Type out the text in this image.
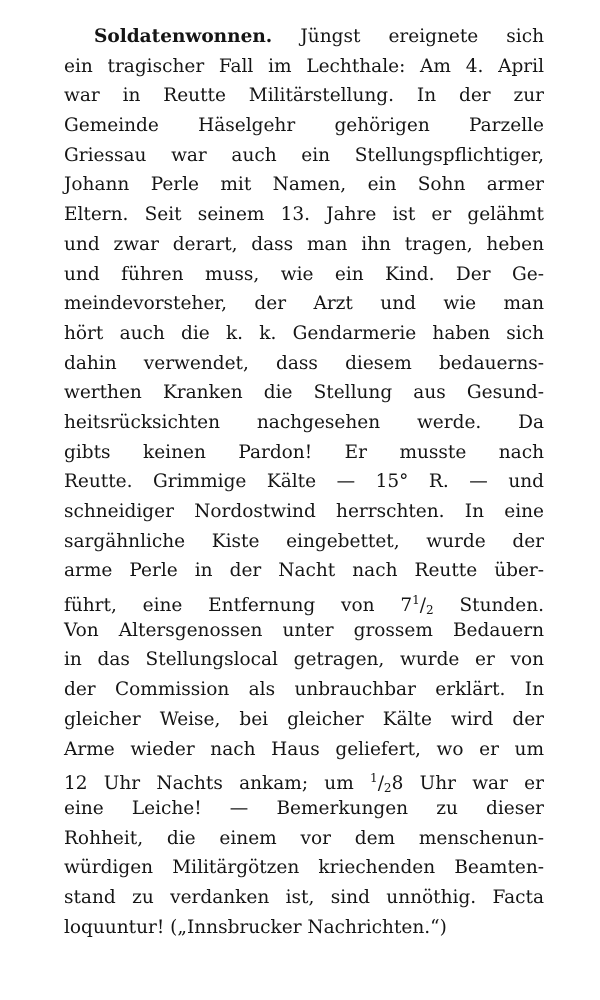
Soldatenwonnen. Jüngst ereignete sich
ein tragischer Fall im Lechthale: Am 4. April
war in Reutte Militärstellung. In der zur
Gemeinde Häselgehr gehörigen Parzelle
Griessau war auch ein Stellungspflichtiger,
Johann Perle mit Namen, ein Sohn armer
Eltern. Seit seinem 13. Jahre ist er gelähmt
und zwar derart, dass man ihn tragen, heben
und führen muss, wie ein Kind. Der Ge-
meindevorsteher, der Arzt und wie man
hört auch die k. k. Gendarmerie haben sich
dahin verwendet, dass diesem bedauerns-
werthen Kranken die Stellung aus Gesund-
heitsrücksichten nachgesehen werde. Da
gibts keinen Pardon! Er musste nach
Reutte. Grimmige Kälte — 15° R. — und
schneidiger Nordostwind herrschten. In eine
sargähnliche Kiste eingebettet, wurde der
arme Perle in der Nacht nach Reutte über-
führt, eine Entfernung von $7^1/_2$ Stunden.
Von Altersgenossen unter grossem Bedauern
in das Stellungslocal getragen, wurde er von
der Commission als unbrauchbar erklärt. In
gleicher Weise, bei gleicher Kälte wird der
Arme wieder nach Haus geliefert, wo er um
12 Uhr Nachts ankam; um $^1/_28$ Uhr war er
eine Leiche! — Bemerkungen zu dieser
Rohheit, die einem vor dem menschenun-
würdigen Militärgötzen kriechenden Beamten-
stand zu verdanken ist, sind unnöthig. Facta
loquuntur! („Innsbrucker Nachrichten.“)
